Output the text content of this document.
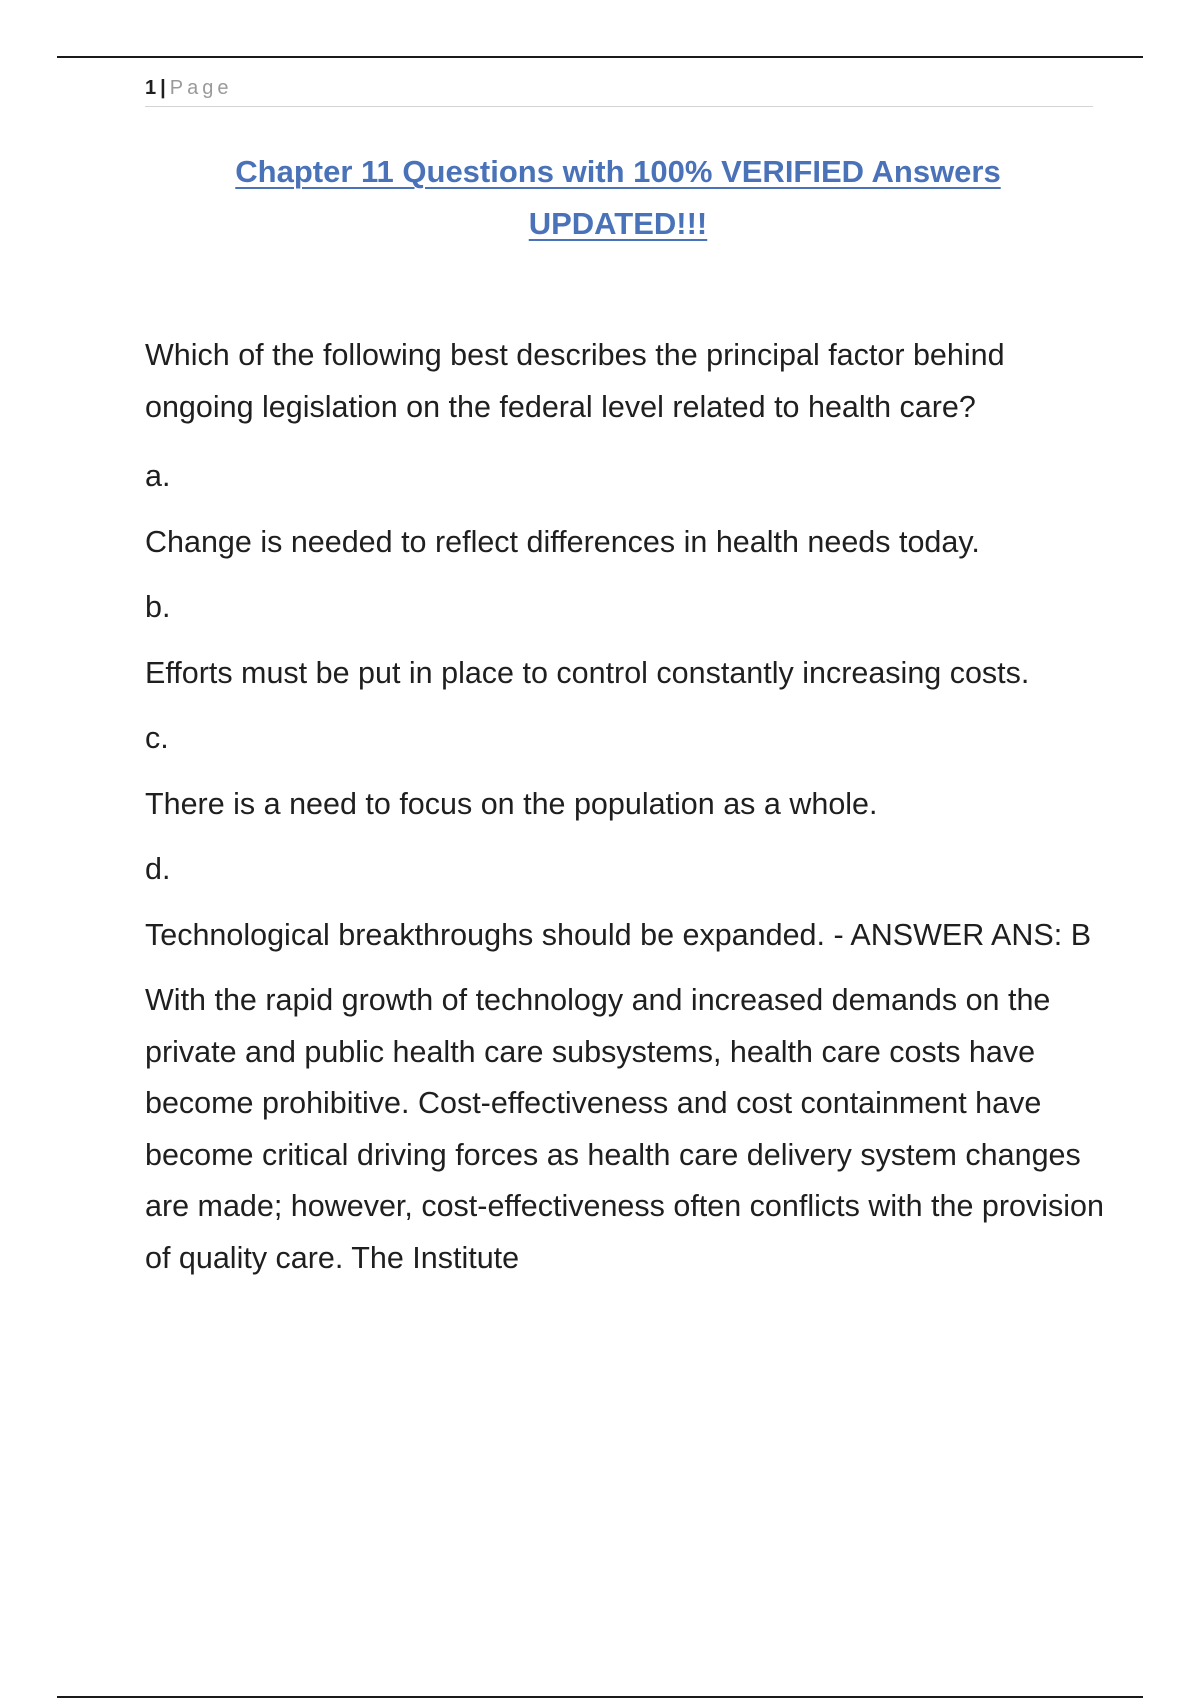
1 | Page
Chapter 11 Questions with 100% VERIFIED Answers
UPDATED!!!

Which of the following best describes the principal factor behind ongoing legislation on the federal level related to health care?

a.

Change is needed to reflect differences in health needs today.

b.

Efforts must be put in place to control constantly increasing costs.

c.

There is a need to focus on the population as a whole.

d.

Technological breakthroughs should be expanded. - ANSWER ANS: B

With the rapid growth of technology and increased demands on the private and public health care subsystems, health care costs have become prohibitive. Cost-effectiveness and cost containment have become critical driving forces as health care delivery system changes are made; however, cost-effectiveness often conflicts with the provision of quality care. The Institute
